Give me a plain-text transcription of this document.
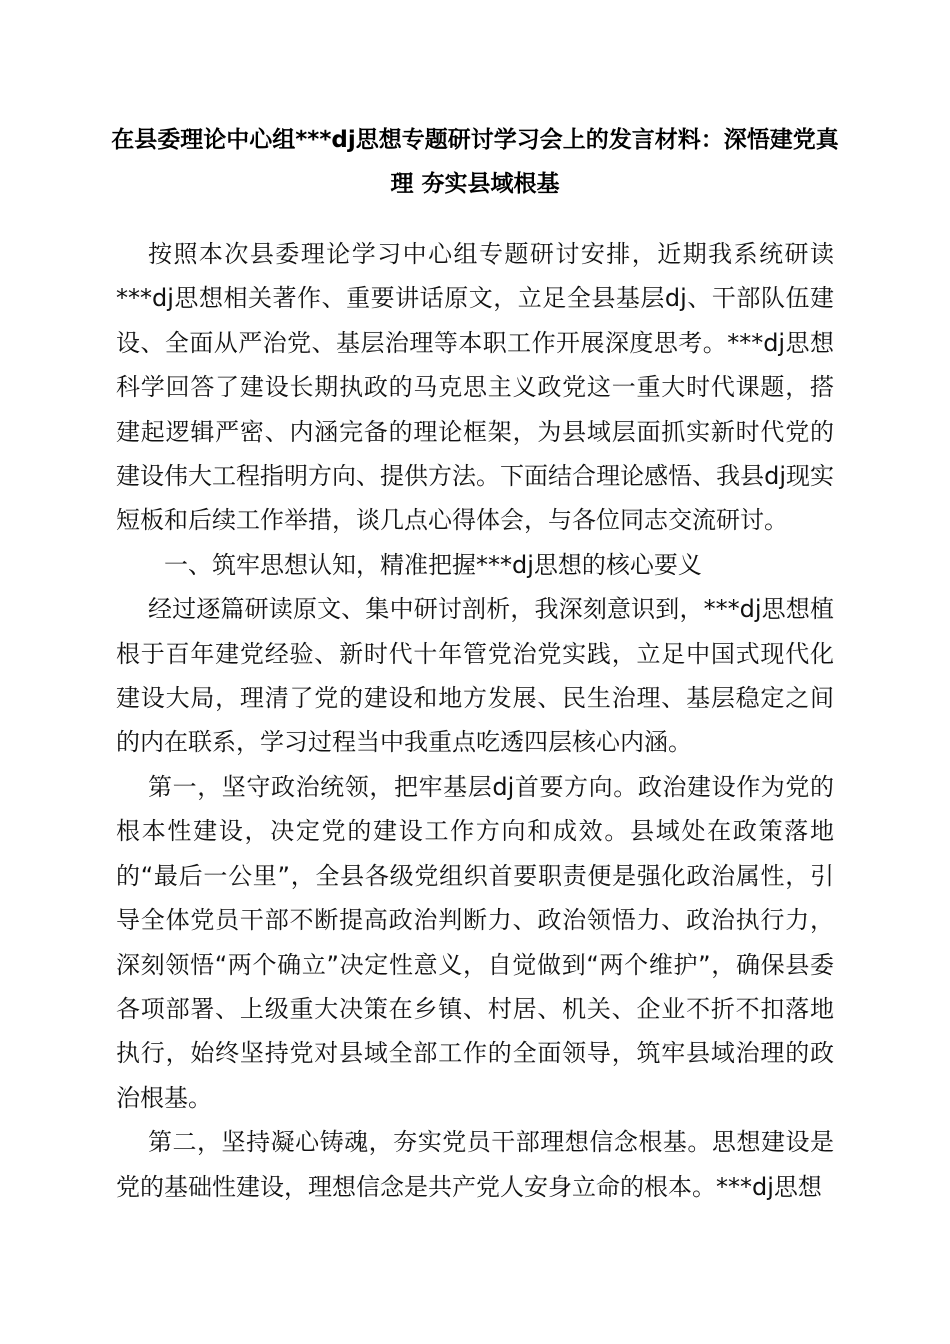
在县委理论中心组***dj思想专题研讨学习会上的发言材料：深悟建党真理 夯实县域根基

按照本次县委理论学习中心组专题研讨安排，近期我系统研读***dj思想相关著作、重要讲话原文，立足全县基层dj、干部队伍建设、全面从严治党、基层治理等本职工作开展深度思考。***dj思想科学回答了建设长期执政的马克思主义政党这一重大时代课题，搭建起逻辑严密、内涵完备的理论框架，为县域层面抓实新时代党的建设伟大工程指明方向、提供方法。下面结合理论感悟、我县dj现实短板和后续工作举措，谈几点心得体会，与各位同志交流研讨。

一、筑牢思想认知，精准把握***dj思想的核心要义

经过逐篇研读原文、集中研讨剖析，我深刻意识到，***dj思想植根于百年建党经验、新时代十年管党治党实践，立足中国式现代化建设大局，理清了党的建设和地方发展、民生治理、基层稳定之间的内在联系，学习过程当中我重点吃透四层核心内涵。

第一，坚守政治统领，把牢基层dj首要方向。政治建设作为党的根本性建设，决定党的建设工作方向和成效。县域处在政策落地的“最后一公里”，全县各级党组织首要职责便是强化政治属性，引导全体党员干部不断提高政治判断力、政治领悟力、政治执行力，深刻领悟“两个确立”决定性意义，自觉做到“两个维护”，确保县委各项部署、上级重大决策在乡镇、村居、机关、企业不折不扣落地执行，始终坚持党对县域全部工作的全面领导，筑牢县域治理的政治根基。

第二，坚持凝心铸魂，夯实党员干部理想信念根基。思想建设是党的基础性建设，理想信念是共产党人安身立命的根本。***dj思想
